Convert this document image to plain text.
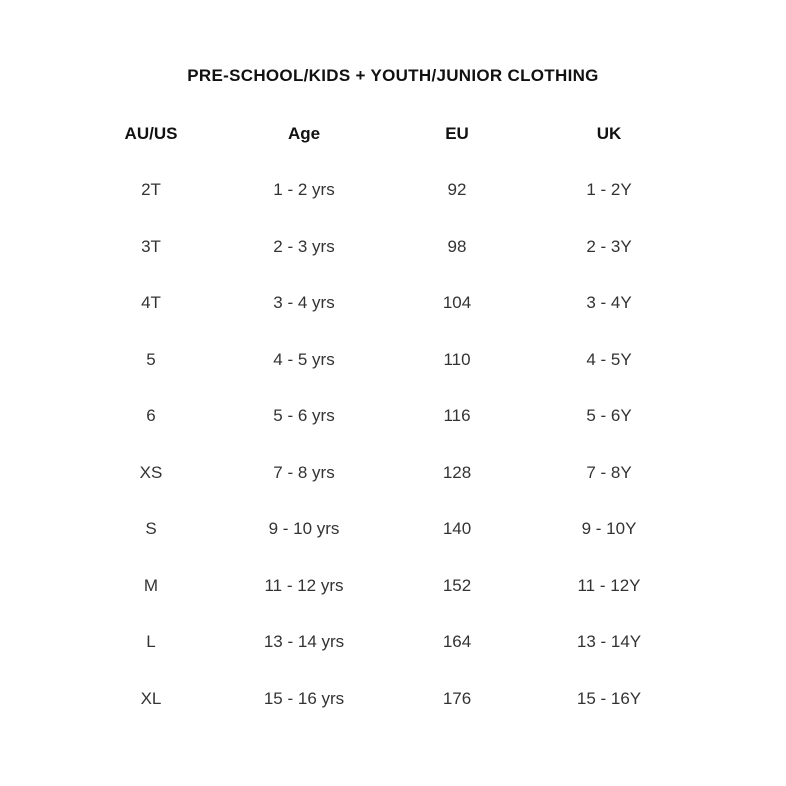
PRE-SCHOOL/KIDS + YOUTH/JUNIOR CLOTHING
AU/US	Age	EU	UK
2T	1 - 2 yrs	92	1 - 2Y
3T	2 - 3 yrs	98	2 - 3Y
4T	3 - 4 yrs	104	3 - 4Y
5	4 - 5 yrs	110	4 - 5Y
6	5 - 6 yrs	116	5 - 6Y
XS	7 - 8 yrs	128	7 - 8Y
S	9 - 10 yrs	140	9 - 10Y
M	11 - 12 yrs	152	11 - 12Y
L	13 - 14 yrs	164	13 - 14Y
XL	15 - 16 yrs	176	15 - 16Y
